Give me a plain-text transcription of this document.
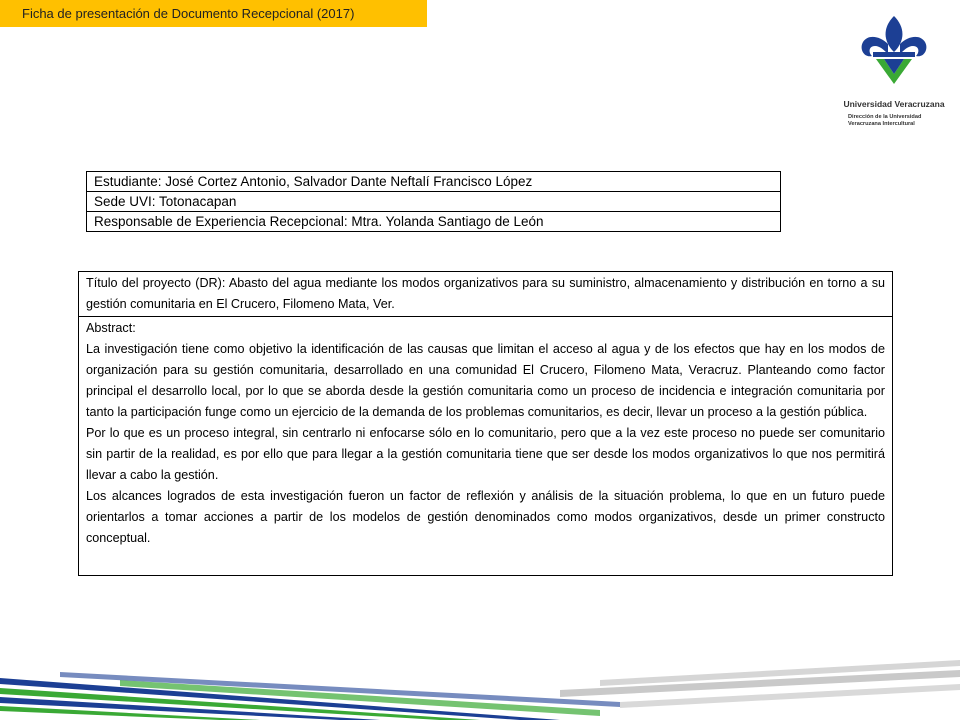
Ficha de presentación de Documento Recepcional (2017)
Universidad Veracruzana
Dirección de la Universidad
Veracruzana Intercultural
Estudiante: José Cortez Antonio, Salvador Dante Neftalí Francisco López
Sede UVI: Totonacapan
Responsable de Experiencia Recepcional: Mtra. Yolanda Santiago de León
Título del proyecto (DR): Abasto del agua mediante los modos organizativos para su suministro, almacenamiento y distribución en torno a su gestión comunitaria en El Crucero, Filomeno Mata, Ver.

Abstract:

La investigación tiene como objetivo la identificación de las causas que limitan el acceso al agua y de los efectos que hay en los modos de organización para su gestión comunitaria, desarrollado en una comunidad El Crucero, Filomeno Mata, Veracruz. Planteando como factor principal el desarrollo local, por lo que se aborda desde la gestión comunitaria como un proceso de incidencia e integración comunitaria por tanto la participación funge como un ejercicio de la demanda de los problemas comunitarios, es decir, llevar un proceso a la gestión pública.

Por lo que es un proceso integral, sin centrarlo ni enfocarse sólo en lo comunitario, pero que a la vez este proceso no puede ser comunitario sin partir de la realidad, es por ello que para llegar a la gestión comunitaria tiene que ser desde los modos organizativos lo que nos permitirá llevar a cabo la gestión.

Los alcances logrados de esta investigación fueron un factor de reflexión y análisis de la situación problema, lo que en un futuro puede orientarlos a tomar acciones a partir de los modelos de gestión denominados como modos organizativos, desde un primer constructo conceptual.
